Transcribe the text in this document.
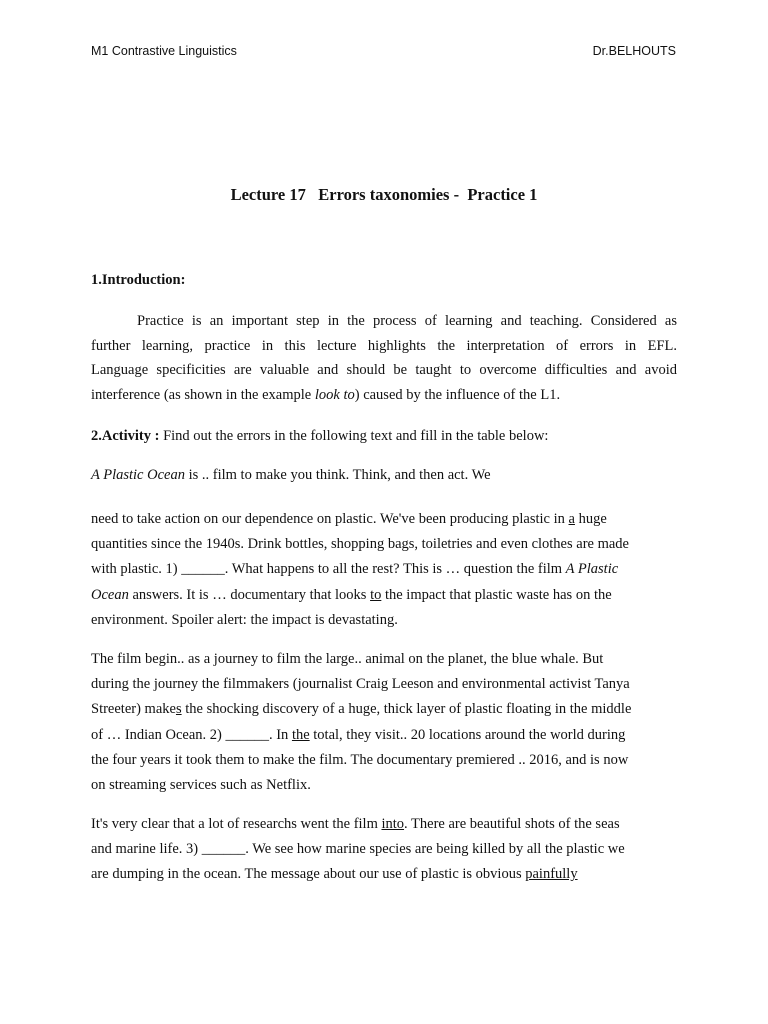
M1 Contrastive Linguistics	Dr.BELHOUTS
Lecture 17   Errors taxonomies -  Practice 1
1.Introduction:
Practice is an important step in the process of learning and teaching. Considered as
further learning, practice in this lecture highlights the interpretation of errors in EFL.
Language specificities are valuable and should be taught to overcome difficulties and avoid
interference (as shown in the example look to) caused by the influence of the L1.
2.Activity : Find out the errors in the following text and fill in the table below:
A Plastic Ocean is .. film to make you think. Think, and then act. We
need to take action on our dependence on plastic. We've been producing plastic in a huge
quantities since the 1940s. Drink bottles, shopping bags, toiletries and even clothes are made
with plastic. 1) ______. What happens to all the rest? This is … question the film A Plastic
Ocean answers. It is … documentary that looks to the impact that plastic waste has on the
environment. Spoiler alert: the impact is devastating.
The film begin.. as a journey to film the large.. animal on the planet, the blue whale. But
during the journey the filmmakers (journalist Craig Leeson and environmental activist Tanya
Streeter) makes the shocking discovery of a huge, thick layer of plastic floating in the middle
of … Indian Ocean. 2) ______. In the total, they visit.. 20 locations around the world during
the four years it took them to make the film. The documentary premiered .. 2016, and is now
on streaming services such as Netflix.
It's very clear that a lot of researchs went the film into. There are beautiful shots of the seas
and marine life. 3) ______. We see how marine species are being killed by all the plastic we
are dumping in the ocean. The message about our use of plastic is obvious painfully
